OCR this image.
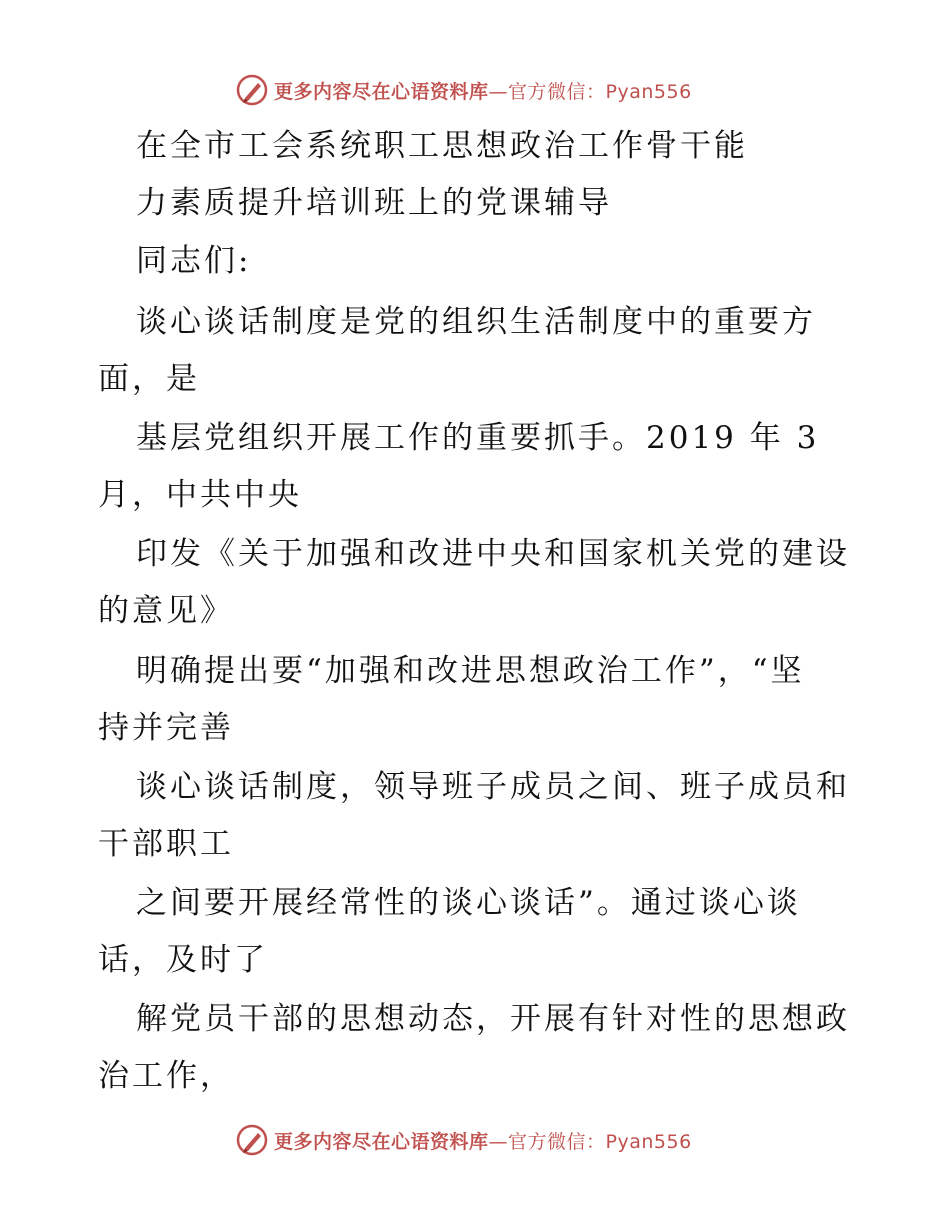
更多内容尽在心语资料库—官方微信：Pyan556

在全市工会系统职工思想政治工作骨干能

力素质提升培训班上的党课辅导

同志们:

谈心谈话制度是党的组织生活制度中的重要方

面，是

基层党组织开展工作的重要抓手。2019 年 3

月，中共中央

印发《关于加强和改进中央和国家机关党的建设

的意见》

明确提出要“加强和改进思想政治工作”，“坚

持并完善

谈心谈话制度，领导班子成员之间、班子成员和

干部职工

之间要开展经常性的谈心谈话”。通过谈心谈

话，及时了

解党员干部的思想动态，开展有针对性的思想政

治工作，

更多内容尽在心语资料库—官方微信：Pyan556
